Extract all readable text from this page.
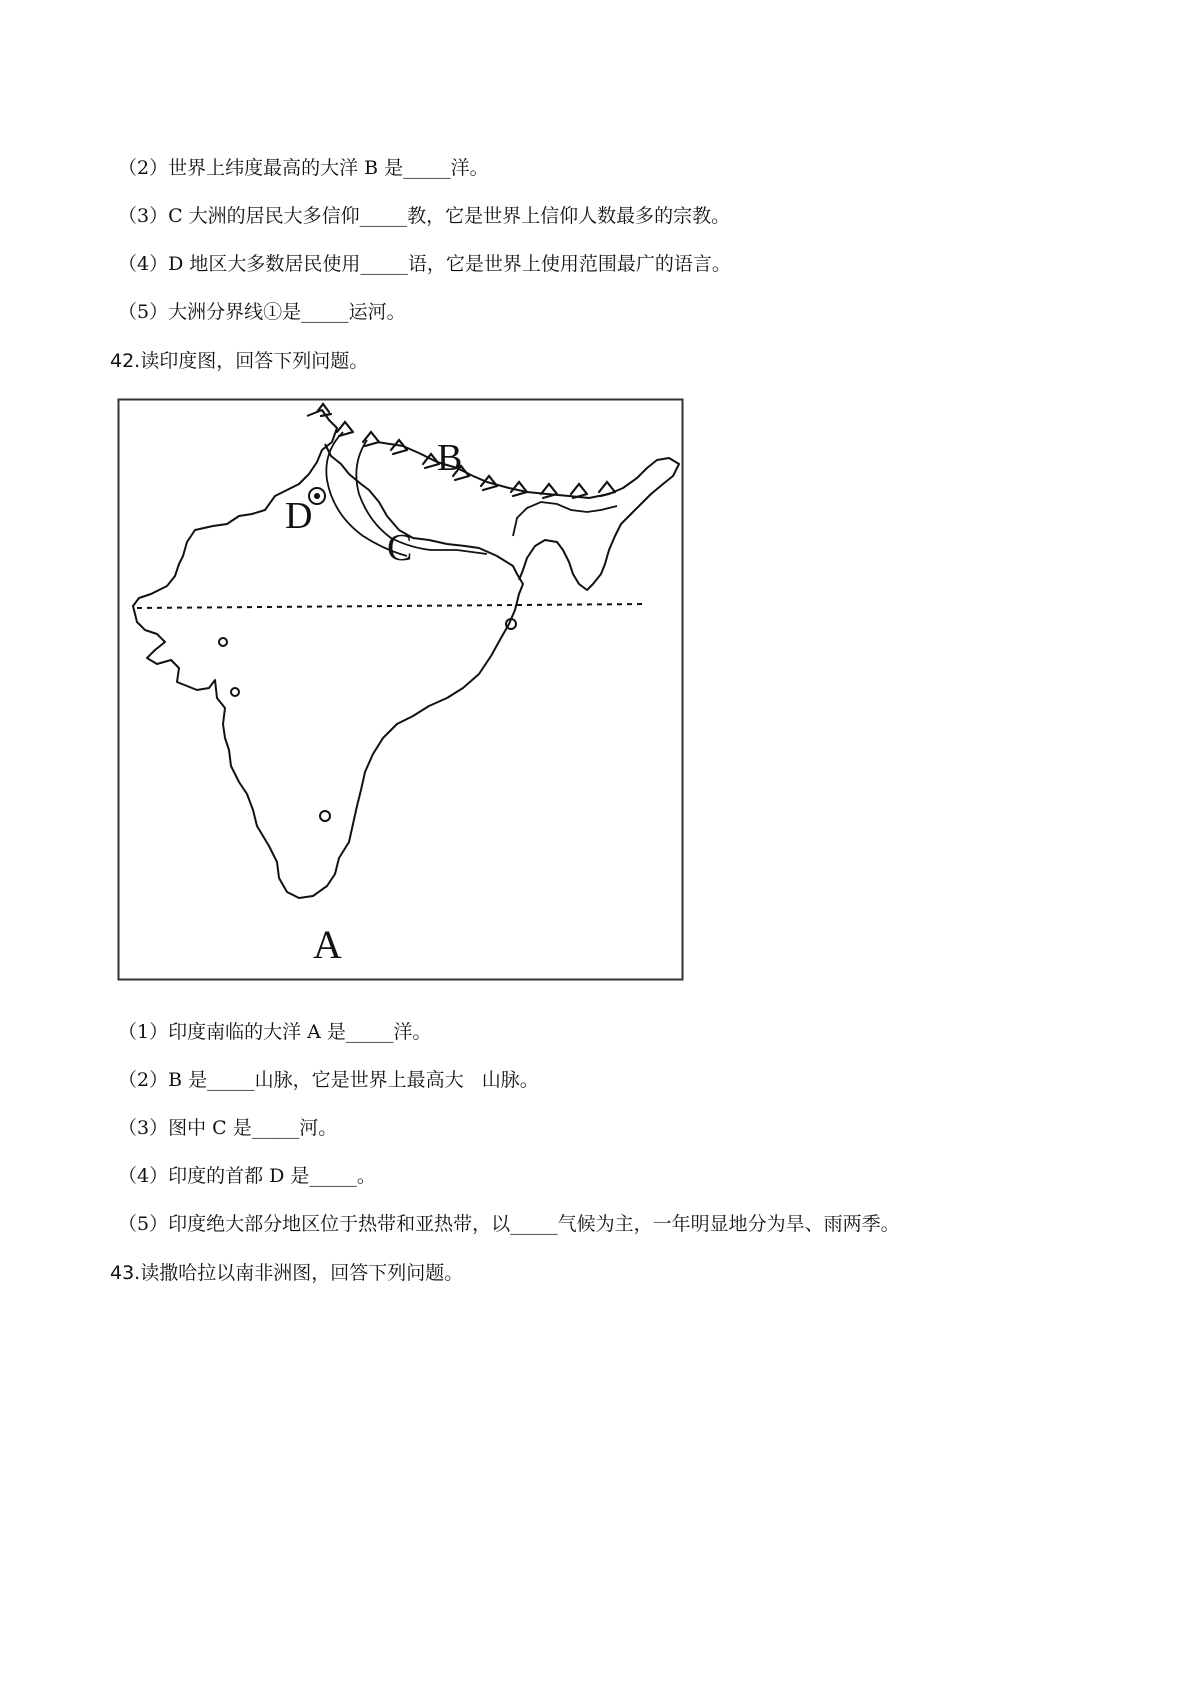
（2）世界上纬度最高的大洋 B 是_____洋。
（3）C 大洲的居民大多信仰_____教，它是世界上信仰人数最多的宗教。
（4）D 地区大多数居民使用_____语，它是世界上使用范围最广的语言。
（5）大洲分界线①是_____运河。
42.读印度图，回答下列问题。
B
D
C
A
（1）印度南临的大洋 A 是_____洋。
（2）B 是_____山脉，它是世界上最高大   山脉。
（3）图中 C 是_____河。
（4）印度的首都 D 是_____。
（5）印度绝大部分地区位于热带和亚热带，以_____气候为主，一年明显地分为旱、雨两季。
43.读撒哈拉以南非洲图，回答下列问题。
